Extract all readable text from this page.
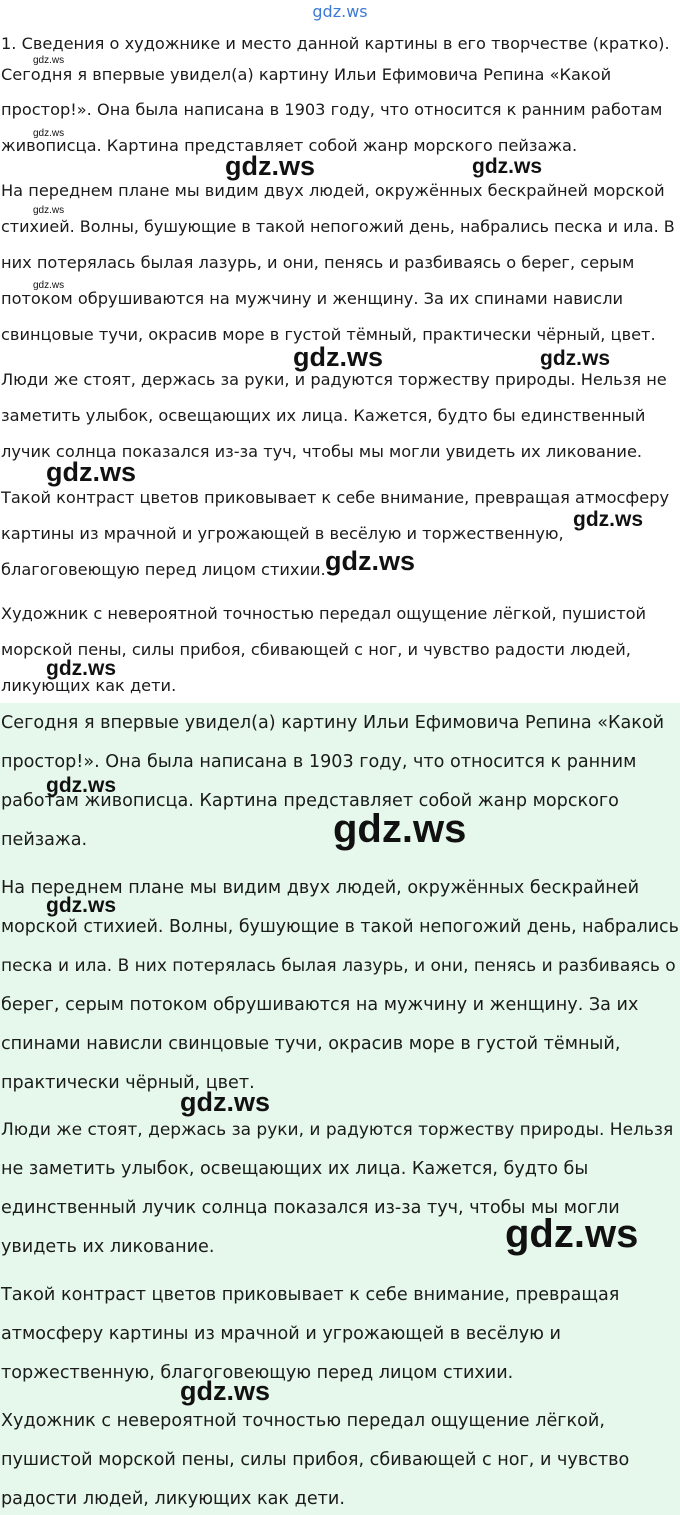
gdz.ws
1. Сведения о художнике и место данной картины в его творчестве (кратко).
Сегодня я впервые увидел(а) картину Ильи Ефимовича Репина «Какой
простор!». Она была написана в 1903 году, что относится к ранним работам
живописца. Картина представляет собой жанр морского пейзажа.
На переднем плане мы видим двух людей, окружённых бескрайней морской
стихией. Волны, бушующие в такой непогожий день, набрались песка и ила. В
них потерялась былая лазурь, и они, пенясь и разбиваясь о берег, серым
потоком обрушиваются на мужчину и женщину. За их спинами нависли
свинцовые тучи, окрасив море в густой тёмный, практически чёрный, цвет.
Люди же стоят, держась за руки, и радуются торжеству природы. Нельзя не
заметить улыбок, освещающих их лица. Кажется, будто бы единственный
лучик солнца показался из-за туч, чтобы мы могли увидеть их ликование.
Такой контраст цветов приковывает к себе внимание, превращая атмосферу
картины из мрачной и угрожающей в весёлую и торжественную,
благоговеющую перед лицом стихии.
Художник с невероятной точностью передал ощущение лёгкой, пушистой
морской пены, силы прибоя, сбивающей с ног, и чувство радости людей,
ликующих как дети.
gdz.ws
gdz.ws
gdz.ws	gdz.ws
gdz.ws
gdz.ws
gdz.ws	gdz.ws
gdz.ws
gdz.ws
gdz.ws
gdz.ws
Сегодня я впервые увидел(а) картину Ильи Ефимовича Репина «Какой
простор!». Она была написана в 1903 году, что относится к ранним
работам живописца. Картина представляет собой жанр морского
пейзажа.
На переднем плане мы видим двух людей, окружённых бескрайней
морской стихией. Волны, бушующие в такой непогожий день, набрались
песка и ила. В них потерялась былая лазурь, и они, пенясь и разбиваясь о
берег, серым потоком обрушиваются на мужчину и женщину. За их
спинами нависли свинцовые тучи, окрасив море в густой тёмный,
практически чёрный, цвет.
Люди же стоят, держась за руки, и радуются торжеству природы. Нельзя
не заметить улыбок, освещающих их лица. Кажется, будто бы
единственный лучик солнца показался из-за туч, чтобы мы могли
увидеть их ликование.
Такой контраст цветов приковывает к себе внимание, превращая
атмосферу картины из мрачной и угрожающей в весёлую и
торжественную, благоговеющую перед лицом стихии.
Художник с невероятной точностью передал ощущение лёгкой,
пушистой морской пены, силы прибоя, сбивающей с ног, и чувство
радости людей, ликующих как дети.
gdz.ws
gdz.ws
gdz.ws
gdz.ws
gdz.ws
gdz.ws
